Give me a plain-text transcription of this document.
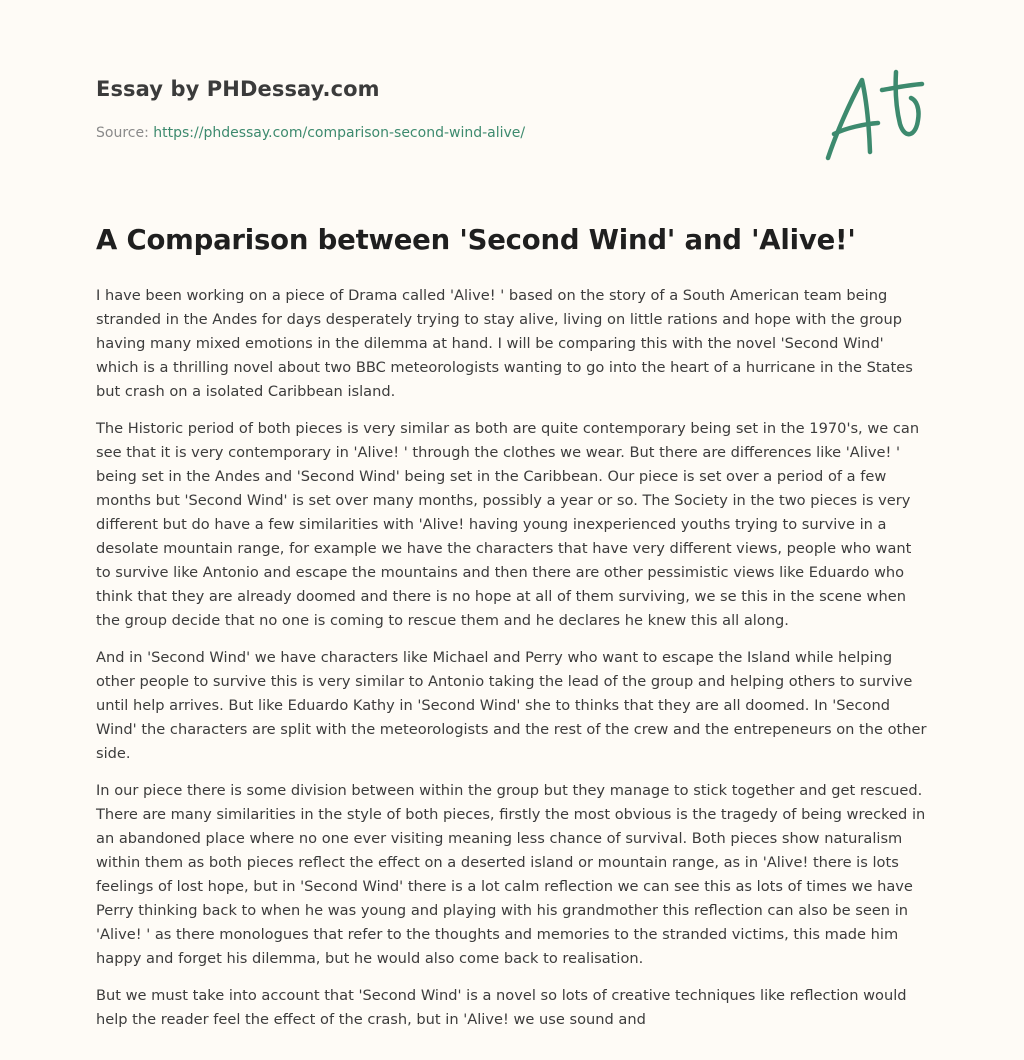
Essay by PHDessay.com
Source: https://phdessay.com/comparison-second-wind-alive/
A Comparison between 'Second Wind' and 'Alive!'

I have been working on a piece of Drama called 'Alive! ' based on the story of a South American team being stranded in the Andes for days desperately trying to stay alive, living on little rations and hope with the group having many mixed emotions in the dilemma at hand. I will be comparing this with the novel 'Second Wind' which is a thrilling novel about two BBC meteorologists wanting to go into the heart of a hurricane in the States but crash on a isolated Caribbean island.

The Historic period of both pieces is very similar as both are quite contemporary being set in the 1970's, we can see that it is very contemporary in 'Alive! ' through the clothes we wear. But there are differences like 'Alive! ' being set in the Andes and 'Second Wind' being set in the Caribbean. Our piece is set over a period of a few months but 'Second Wind' is set over many months, possibly a year or so. The Society in the two pieces is very different but do have a few similarities with 'Alive! having young inexperienced youths trying to survive in a desolate mountain range, for example we have the characters that have very different views, people who want to survive like Antonio and escape the mountains and then there are other pessimistic views like Eduardo who think that they are already doomed and there is no hope at all of them surviving, we se this in the scene when the group decide that no one is coming to rescue them and he declares he knew this all along.

And in 'Second Wind' we have characters like Michael and Perry who want to escape the Island while helping other people to survive this is very similar to Antonio taking the lead of the group and helping others to survive until help arrives. But like Eduardo Kathy in 'Second Wind' she to thinks that they are all doomed. In 'Second Wind' the characters are split with the meteorologists and the rest of the crew and the entrepeneurs on the other side.

In our piece there is some division between within the group but they manage to stick together and get rescued. There are many similarities in the style of both pieces, firstly the most obvious is the tragedy of being wrecked in an abandoned place where no one ever visiting meaning less chance of survival. Both pieces show naturalism within them as both pieces reflect the effect on a deserted island or mountain range, as in 'Alive! there is lots feelings of lost hope, but in 'Second Wind' there is a lot calm reflection we can see this as lots of times we have Perry thinking back to when he was young and playing with his grandmother this reflection can also be seen in 'Alive! ' as there monologues that refer to the thoughts and memories to the stranded victims, this made him happy and forget his dilemma, but he would also come back to realisation.

But we must take into account that 'Second Wind' is a novel so lots of creative techniques like reflection would help the reader feel the effect of the crash, but in 'Alive! we use sound and
